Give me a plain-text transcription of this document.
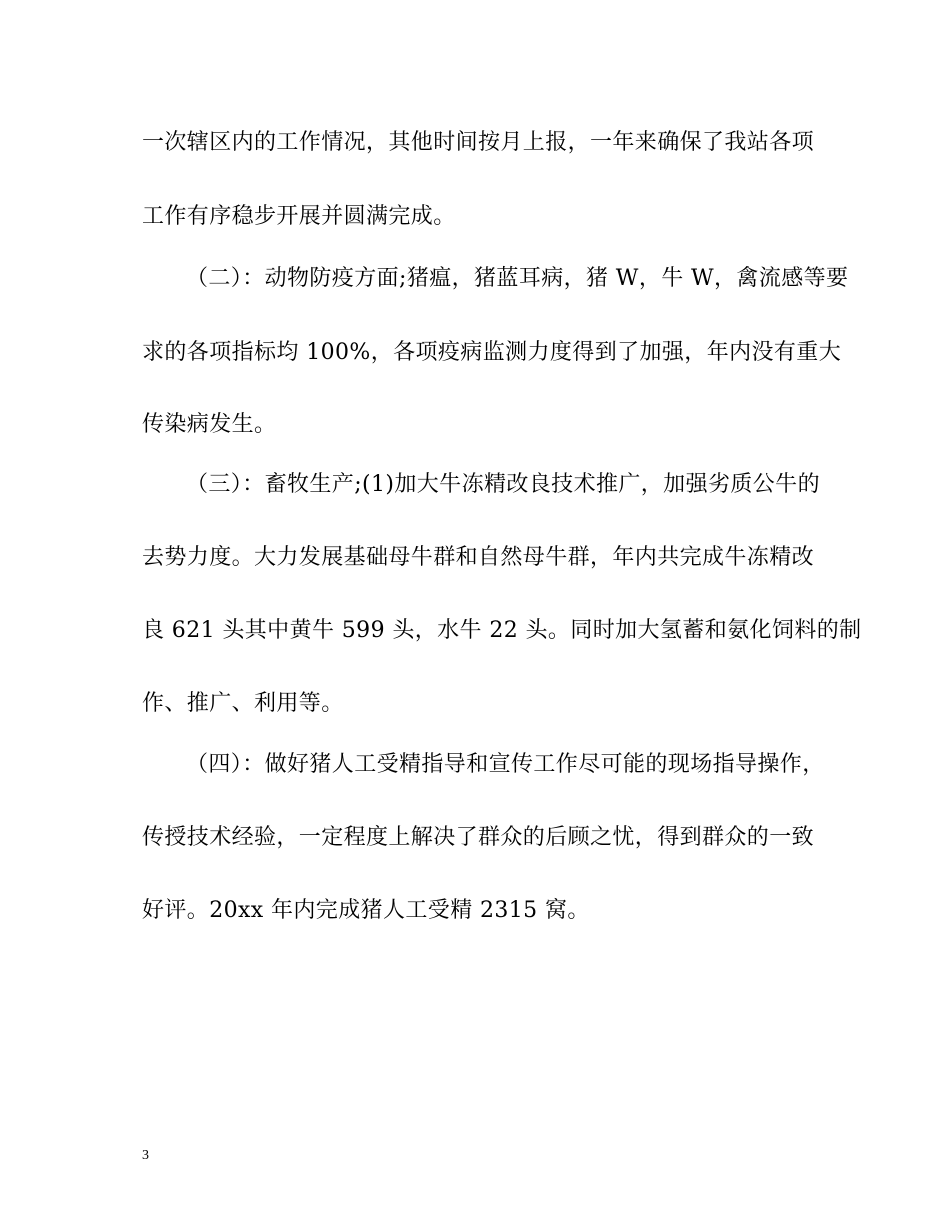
一次辖区内的工作情况，其他时间按月上报，一年来确保了我站各项
工作有序稳步开展并圆满完成。
（二）：动物防疫方面;猪瘟，猪蓝耳病，猪 W，牛 W，禽流感等要
求的各项指标均 100%，各项疫病监测力度得到了加强，年内没有重大
传染病发生。
（三）：畜牧生产;(1)加大牛冻精改良技术推广，加强劣质公牛的
去势力度。大力发展基础母牛群和自然母牛群，年内共完成牛冻精改
良 621 头其中黄牛 599 头，水牛 22 头。同时加大氢蓄和氨化饲料的制
作、推广、利用等。
（四）：做好猪人工受精指导和宣传工作尽可能的现场指导操作，
传授技术经验，一定程度上解决了群众的后顾之忧，得到群众的一致
好评。20xx 年内完成猪人工受精 2315 窝。
3
